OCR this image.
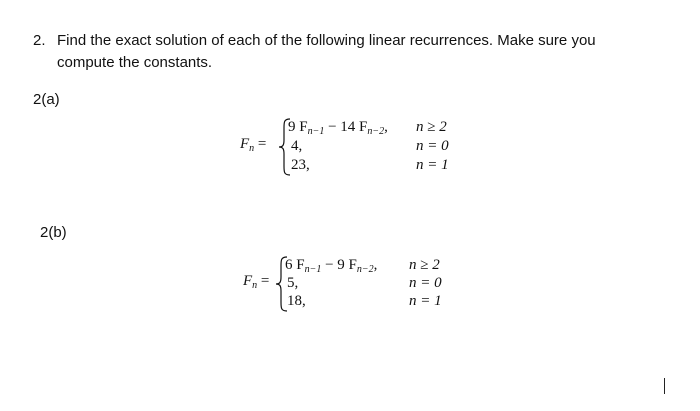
2. Find the exact solution of each of the following linear recurrences. Make sure you
compute the constants.
2(a)
$F_n$ =
9 $F_{n-1} - 14$ $F_{n-2}$,
4,
23,
n ≥ 2
n = 0
n = 1
2(b)
$F_n$ =
6 $F_{n-1} - 9$ $F_{n-2}$,
5,
18,
n ≥ 2
n = 0
n = 1
